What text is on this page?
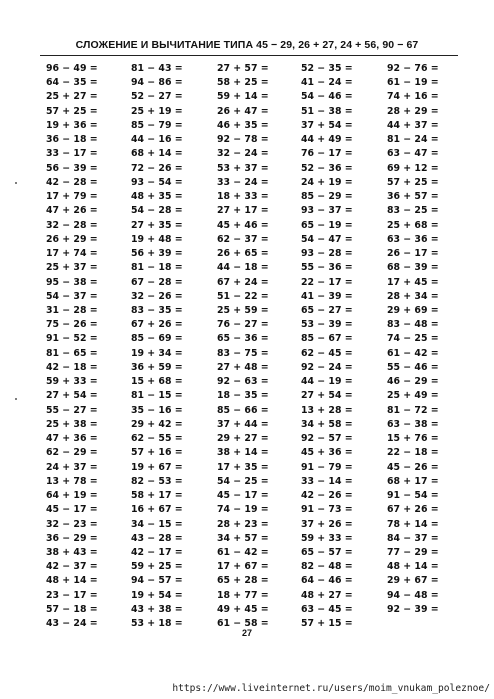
СЛОЖЕНИЕ И ВЫЧИТАНИЕ ТИПА 45 − 29, 26 + 27, 24 + 56, 90 − 67
96 − 49 =
64 − 35 =
25 + 27 =
57 + 25 =
19 + 36 =
36 − 18 =
33 − 17 =
56 − 39 =
42 − 28 =
17 + 79 =
47 + 26 =
32 − 28 =
26 + 29 =
17 + 74 =
25 + 37 =
95 − 38 =
54 − 37 =
31 − 28 =
75 − 26 =
91 − 52 =
81 − 65 =
42 − 18 =
59 + 33 =
27 + 54 =
55 − 27 =
25 + 38 =
47 + 36 =
62 − 29 =
24 + 37 =
13 + 78 =
64 + 19 =
45 − 17 =
32 − 23 =
36 − 29 =
38 + 43 =
42 − 37 =
48 + 14 =
23 − 17 =
57 − 18 =
43 − 24 =
81 − 43 =
94 − 86 =
52 − 27 =
25 + 19 =
85 − 79 =
44 − 16 =
68 + 14 =
72 − 26 =
93 − 54 =
48 + 35 =
54 − 28 =
27 + 35 =
19 + 48 =
56 + 39 =
81 − 18 =
67 − 28 =
32 − 26 =
83 − 35 =
67 + 26 =
85 − 69 =
19 + 34 =
36 + 59 =
15 + 68 =
81 − 15 =
35 − 16 =
29 + 42 =
62 − 55 =
57 + 16 =
19 + 67 =
82 − 53 =
58 + 17 =
16 + 67 =
34 − 15 =
43 − 28 =
42 − 17 =
59 + 25 =
94 − 57 =
19 + 54 =
43 + 38 =
53 + 18 =
27 + 57 =
58 + 25 =
59 + 14 =
26 + 47 =
46 + 35 =
92 − 78 =
32 − 24 =
53 + 37 =
33 − 24 =
18 + 33 =
27 + 17 =
45 + 46 =
62 − 37 =
26 + 65 =
44 − 18 =
67 + 24 =
51 − 22 =
25 + 59 =
76 − 27 =
65 − 36 =
83 − 75 =
27 + 48 =
92 − 63 =
18 − 35 =
85 − 66 =
37 + 44 =
29 + 27 =
38 + 14 =
17 + 35 =
54 − 25 =
45 − 17 =
74 − 19 =
28 + 23 =
34 + 57 =
61 − 42 =
17 + 67 =
65 + 28 =
18 + 77 =
49 + 45 =
61 − 58 =
52 − 35 =
41 − 24 =
54 − 46 =
51 − 38 =
37 + 54 =
44 + 49 =
76 − 17 =
52 − 36 =
24 + 19 =
85 − 29 =
93 − 37 =
65 − 19 =
54 − 47 =
93 − 28 =
55 − 36 =
22 − 17 =
41 − 39 =
65 − 27 =
53 − 39 =
85 − 67 =
62 − 45 =
92 − 24 =
44 − 19 =
27 + 54 =
13 + 28 =
34 + 58 =
92 − 57 =
45 + 36 =
91 − 79 =
33 − 14 =
42 − 26 =
91 − 73 =
37 + 26 =
59 + 33 =
65 − 57 =
82 − 48 =
64 − 46 =
48 + 27 =
63 − 45 =
57 + 15 =
92 − 76 =
61 − 19 =
74 + 16 =
28 + 29 =
44 + 37 =
81 − 24 =
63 − 47 =
69 + 12 =
57 + 25 =
36 + 57 =
83 − 25 =
25 + 68 =
63 − 36 =
26 − 17 =
68 − 39 =
17 + 45 =
28 + 34 =
29 + 69 =
83 − 48 =
74 − 25 =
61 − 42 =
55 − 46 =
46 − 29 =
25 + 49 =
81 − 72 =
63 − 38 =
15 + 76 =
22 − 18 =
45 − 26 =
68 + 17 =
91 − 54 =
67 + 26 =
78 + 14 =
84 − 37 =
77 − 29 =
48 + 14 =
29 + 67 =
94 − 48 =
92 − 39 =
27
https://www.liveinternet.ru/users/moim_vnukam_poleznoe/
